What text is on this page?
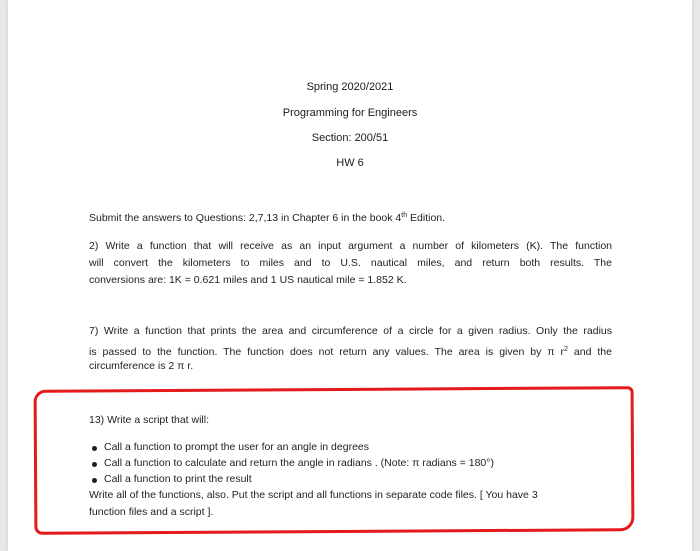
Spring 2020/2021
Programming for Engineers
Section: 200/51
HW 6
Submit the answers to Questions: 2,7,13 in Chapter 6 in the book 4th Edition.
2) Write a function that will receive as an input argument a number of kilometers (K). The function
will convert the kilometers to miles and to U.S. nautical miles, and return both results. The
conversions are: 1K = 0.621 miles and 1 US nautical mile = 1.852 K.
7) Write a function that prints the area and circumference of a circle for a given radius. Only the radius
is passed to the function. The function does not return any values. The area is given by π $r^2$ and the
circumference is 2 π r.
13) Write a script that will:
Call a function to prompt the user for an angle in degrees
Call a function to calculate and return the angle in radians . (Note: π radians = 180°)
Call a function to print the result
Write all of the functions, also. Put the script and all functions in separate code files. [ You have 3
function files and a script ].
